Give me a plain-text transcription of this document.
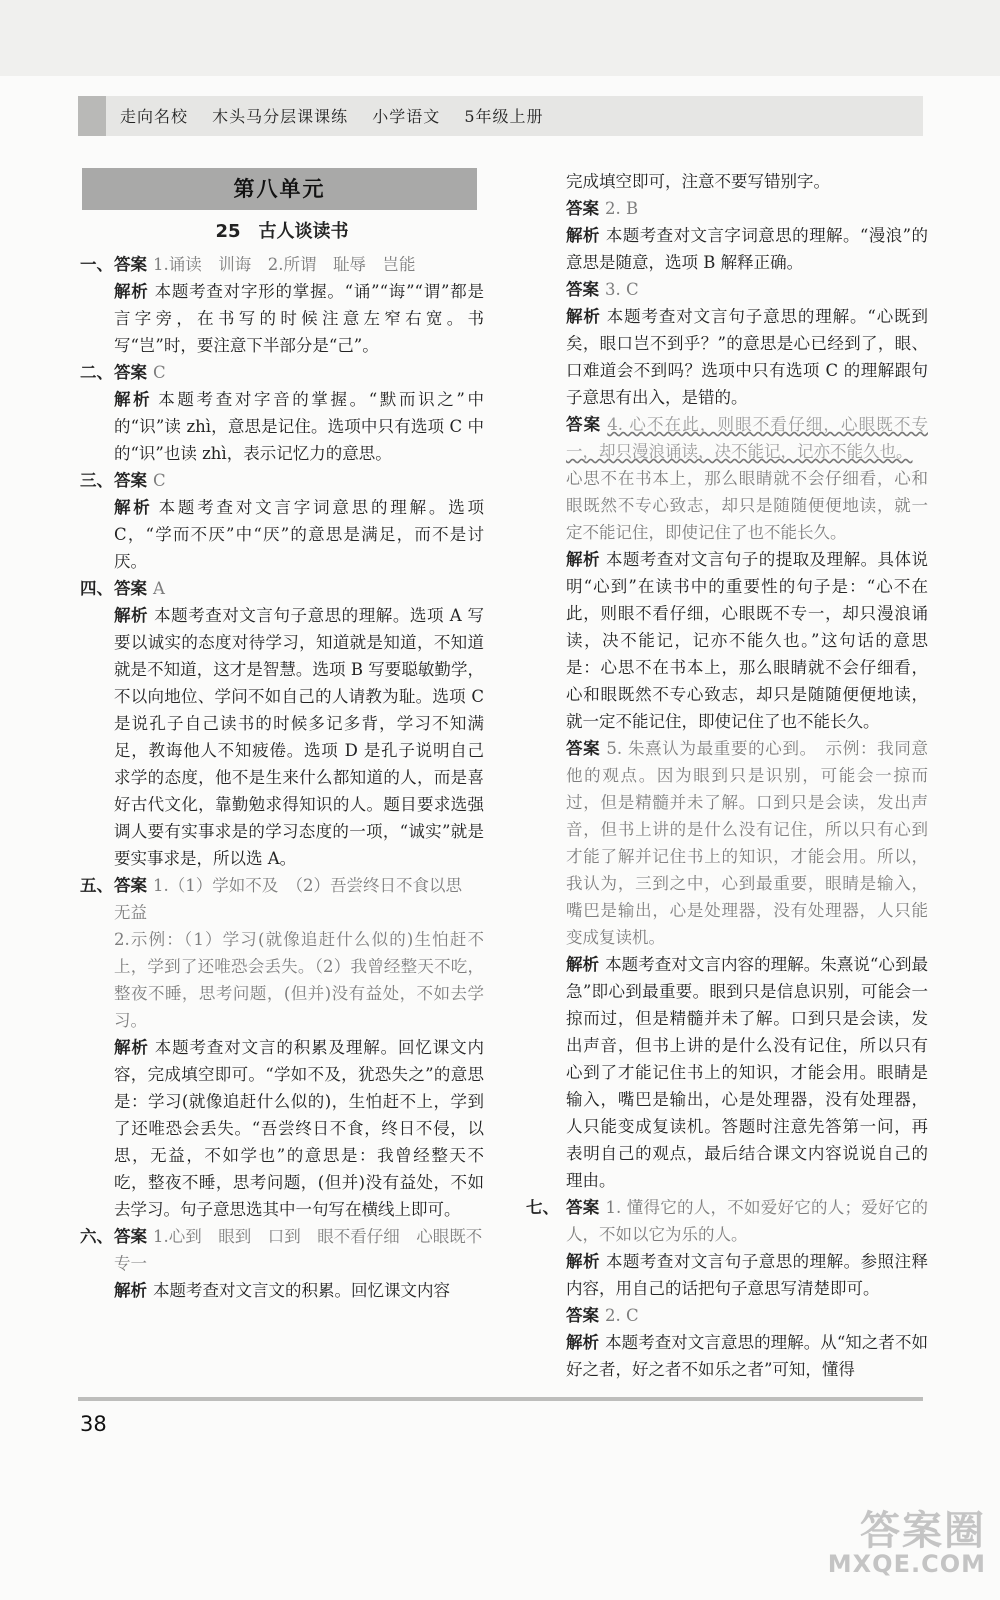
走向名校 木头马分层课课练 小学语文 5年级上册
第八单元
25　古人谈读书
一、 答案 1.诵读　训诲　2.所谓　耻辱　岂能
解析 本题考查对字形的掌握。“诵”“诲”“谓”都是言字旁，在书写的时候注意左窄右宽。书写“岂”时，要注意下半部分是“己”。
二、 答案 C
解析 本题考查对字音的掌握。“默而识之”中的“识”读 zhì，意思是记住。选项中只有选项 C 中的“识”也读 zhì，表示记忆力的意思。
三、 答案 C
解析 本题考查对文言字词意思的理解。选项 C，“学而不厌”中“厌”的意思是满足，而不是讨厌。
四、 答案 A
解析 本题考查对文言句子意思的理解。选项 A 写要以诚实的态度对待学习，知道就是知道，不知道就是不知道，这才是智慧。选项 B 写要聪敏勤学，不以向地位、学问不如自己的人请教为耻。选项 C 是说孔子自己读书的时候多记多背，学习不知满足，教诲他人不知疲倦。选项 D 是孔子说明自己求学的态度，他不是生来什么都知道的人，而是喜好古代文化，靠勤勉求得知识的人。题目要求选强调人要有实事求是的学习态度的一项，“诚实”就是要实事求是，所以选 A。
五、 答案 1.（1）学如不及　（2）吾尝终日不食以思　无益
2.示例：（1）学习(就像追赶什么似的)生怕赶不上，学到了还唯恐会丢失。（2）我曾经整天不吃，整夜不睡，思考问题，(但并)没有益处，不如去学习。
解析 本题考查对文言的积累及理解。回忆课文内容，完成填空即可。“学如不及，犹恐失之”的意思是：学习(就像追赶什么似的)，生怕赶不上，学到了还唯恐会丢失。“吾尝终日不食，终日不侵，以思，无益，不如学也”的意思是：我曾经整天不吃，整夜不睡，思考问题，(但并)没有益处，不如去学习。句子意思选其中一句写在横线上即可。
六、 答案 1.心到　眼到　口到　眼不看仔细　心眼既不专一
解析 本题考查对文言文的积累。回忆课文内容
完成填空即可，注意不要写错别字。
答案 2. B
解析 本题考查对文言字词意思的理解。“漫浪”的意思是随意，选项 B 解释正确。
答案 3. C
解析 本题考查对文言句子意思的理解。“心既到矣，眼口岂不到乎？”的意思是心已经到了，眼、口难道会不到吗？选项中只有选项 C 的理解跟句子意思有出入，是错的。
答案 4. 心不在此，则眼不看仔细，心眼既不专一，却只漫浪诵读，决不能记，记亦不能久也。
心思不在书本上，那么眼睛就不会仔细看，心和眼既然不专心致志，却只是随随便便地读，就一定不能记住，即使记住了也不能长久。
解析 本题考查对文言句子的提取及理解。具体说明“心到”在读书中的重要性的句子是：“心不在此，则眼不看仔细，心眼既不专一，却只漫浪诵读，决不能记，记亦不能久也。”这句话的意思是：心思不在书本上，那么眼睛就不会仔细看，心和眼既然不专心致志，却只是随随便便地读，就一定不能记住，即使记住了也不能长久。
答案 5. 朱熹认为最重要的心到。　示例：我同意他的观点。因为眼到只是识别，可能会一掠而过，但是精髓并未了解。口到只是会读，发出声音，但书上讲的是什么没有记住，所以只有心到才能了解并记住书上的知识，才能会用。所以，我认为，三到之中，心到最重要，眼睛是输入，嘴巴是输出，心是处理器，没有处理器，人只能变成复读机。
解析 本题考查对文言内容的理解。朱熹说“心到最急”即心到最重要。眼到只是信息识别，可能会一掠而过，但是精髓并未了解。口到只是会读，发出声音，但书上讲的是什么没有记住，所以只有心到了才能记住书上的知识，才能会用。眼睛是输入，嘴巴是输出，心是处理器，没有处理器，人只能变成复读机。答题时注意先答第一问，再表明自己的观点，最后结合课文内容说说自己的理由。
七、 答案 1. 懂得它的人，不如爱好它的人；爱好它的人，不如以它为乐的人。
解析 本题考查对文言句子意思的理解。参照注释内容，用自己的话把句子意思写清楚即可。
答案 2. C
解析 本题考查对文言意思的理解。从“知之者不如好之者，好之者不如乐之者”可知，懂得
38
答案圈
MXQE.COM
